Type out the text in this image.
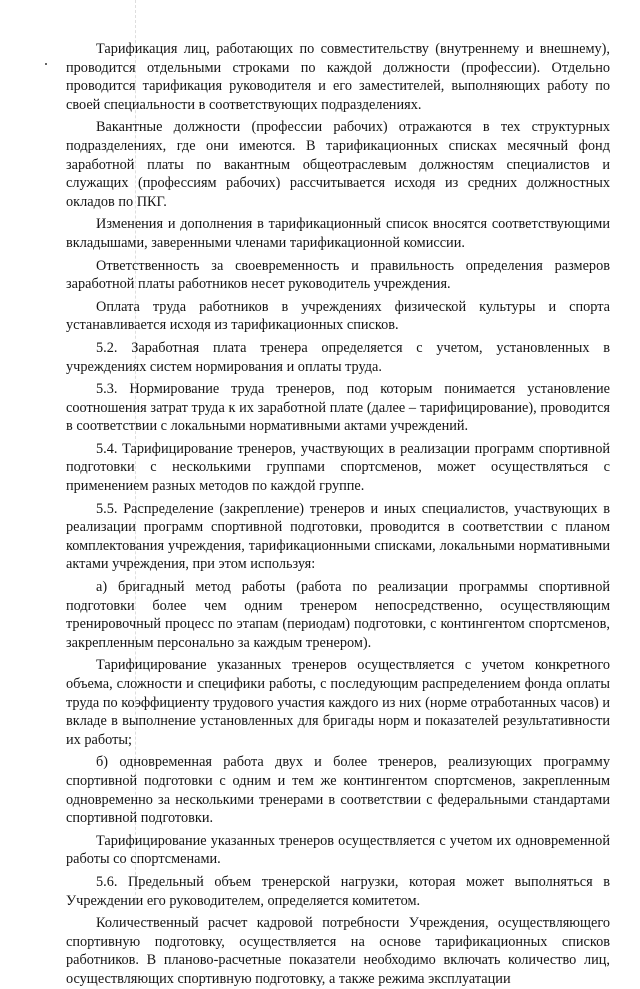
Тарификация лиц, работающих по совместительству (внутреннему и внешнему), проводится отдельными строками по каждой должности (профессии). Отдельно проводится тарификация руководителя и его заместителей, выполняющих работу по своей специальности в соответствующих подразделениях.

Вакантные должности (профессии рабочих) отражаются в тех структурных подразделениях, где они имеются. В тарификационных списках месячный фонд заработной платы по вакантным общеотраслевым должностям специалистов и служащих (профессиям рабочих) рассчитывается исходя из средних должностных окладов по ПКГ.

Изменения и дополнения в тарификационный список вносятся соответствующими вкладышами, заверенными членами тарификационной комиссии.

Ответственность за своевременность и правильность определения размеров заработной платы работников несет руководитель учреждения.

Оплата труда работников в учреждениях физической культуры и спорта устанавливается исходя из тарификационных списков.

5.2. Заработная плата тренера определяется с учетом, установленных в учреждениях систем нормирования и оплаты труда.

5.3. Нормирование труда тренеров, под которым понимается установление соотношения затрат труда к их заработной плате (далее – тарифицирование), проводится в соответствии с локальными нормативными актами учреждений.

5.4. Тарифицирование тренеров, участвующих в реализации программ спортивной подготовки с несколькими группами спортсменов, может осуществляться с применением разных методов по каждой группе.

5.5. Распределение (закрепление) тренеров и иных специалистов, участвующих в реализации программ спортивной подготовки, проводится в соответствии с планом комплектования учреждения, тарификационными списками, локальными нормативными актами учреждения, при этом используя:

а) бригадный метод работы (работа по реализации программы спортивной подготовки более чем одним тренером непосредственно, осуществляющим тренировочный процесс по этапам (периодам) подготовки, с контингентом спортсменов, закрепленным персонально за каждым тренером).

Тарифицирование указанных тренеров осуществляется с учетом конкретного объема, сложности и специфики работы, с последующим распределением фонда оплаты труда по коэффициенту трудового участия каждого из них (норме отработанных часов) и вкладе в выполнение установленных для бригады норм и показателей результативности их работы;

б) одновременная работа двух и более тренеров, реализующих программу спортивной подготовки с одним и тем же контингентом спортсменов, закрепленным одновременно за несколькими тренерами в соответствии с федеральными стандартами спортивной подготовки.

Тарифицирование указанных тренеров осуществляется с учетом их одновременной работы со спортсменами.

5.6. Предельный объем тренерской нагрузки, которая может выполняться в Учреждении его руководителем, определяется комитетом.

Количественный расчет кадровой потребности Учреждения, осуществляющего спортивную подготовку, осуществляется на основе тарификационных списков работников. В планово-расчетные показатели необходимо включать количество лиц, осуществляющих спортивную подготовку, а также режима эксплуатации
